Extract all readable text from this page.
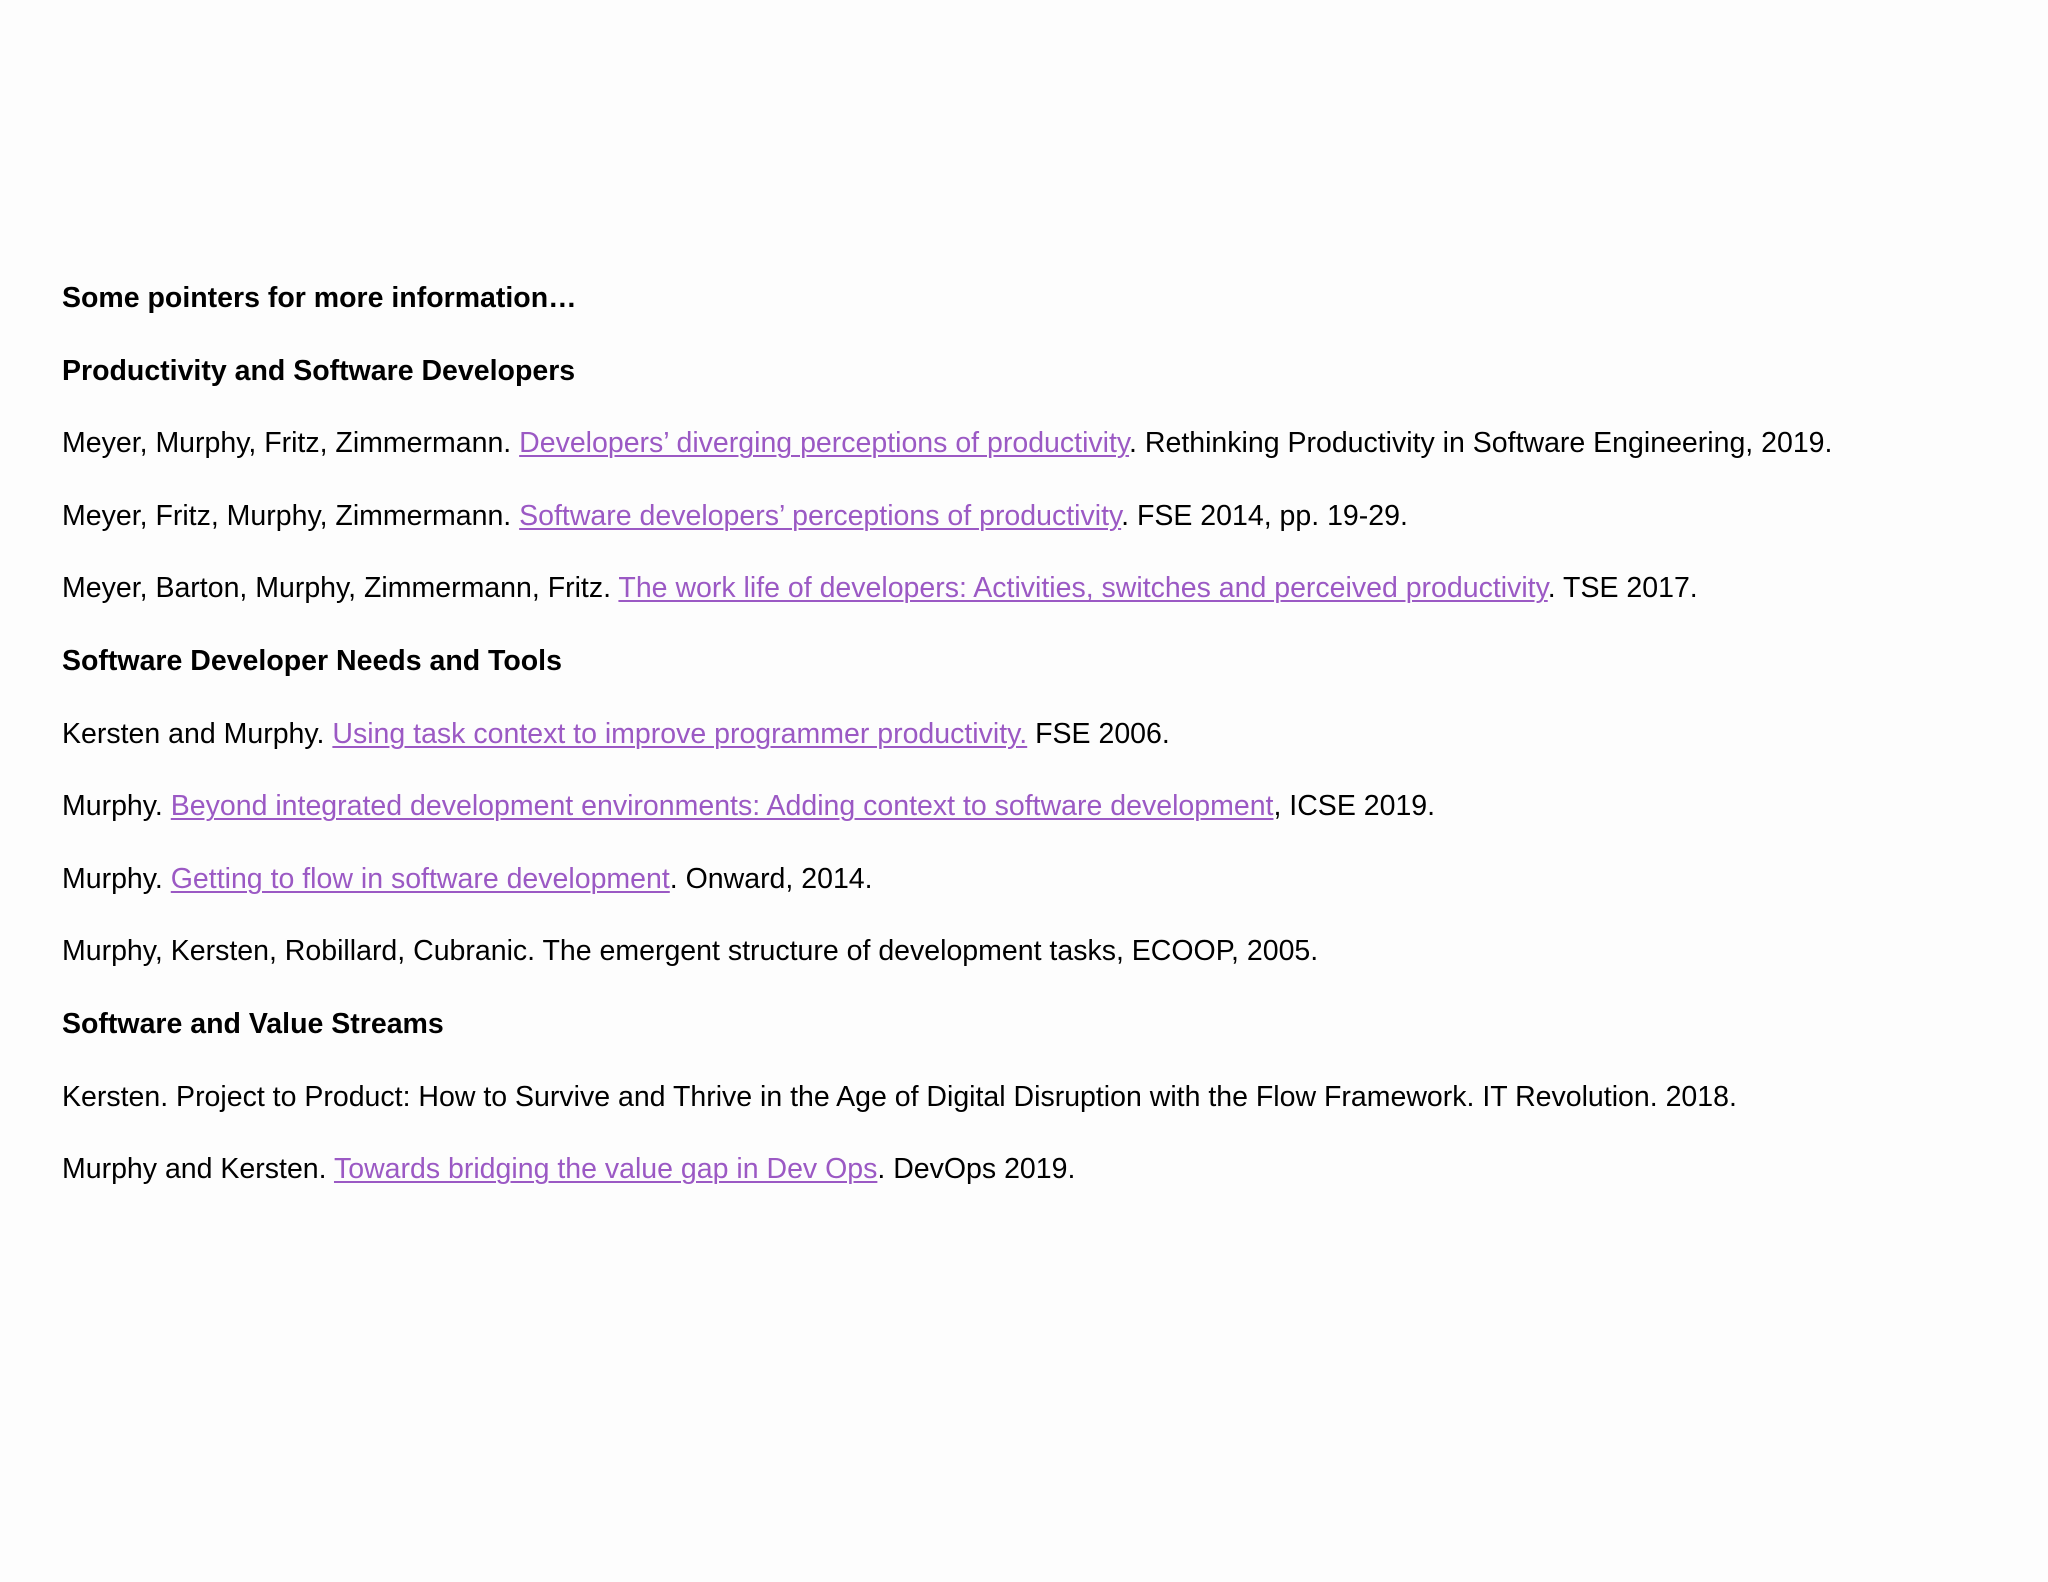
Some pointers for more information…
Productivity and Software Developers
Meyer, Murphy, Fritz, Zimmermann. Developers’ diverging perceptions of productivity. Rethinking Productivity in Software Engineering, 2019.
Meyer, Fritz, Murphy, Zimmermann. Software developers’ perceptions of productivity. FSE 2014, pp. 19-29.
Meyer, Barton, Murphy, Zimmermann, Fritz. The work life of developers: Activities, switches and perceived productivity. TSE 2017.
Software Developer Needs and Tools
Kersten and Murphy. Using task context to improve programmer productivity. FSE 2006.
Murphy. Beyond integrated development environments: Adding context to software development, ICSE 2019.
Murphy. Getting to flow in software development. Onward, 2014.
Murphy, Kersten, Robillard, Cubranic. The emergent structure of development tasks, ECOOP, 2005.
Software and Value Streams
Kersten. Project to Product: How to Survive and Thrive in the Age of Digital Disruption with the Flow Framework. IT Revolution. 2018.
Murphy and Kersten. Towards bridging the value gap in Dev Ops. DevOps 2019.
